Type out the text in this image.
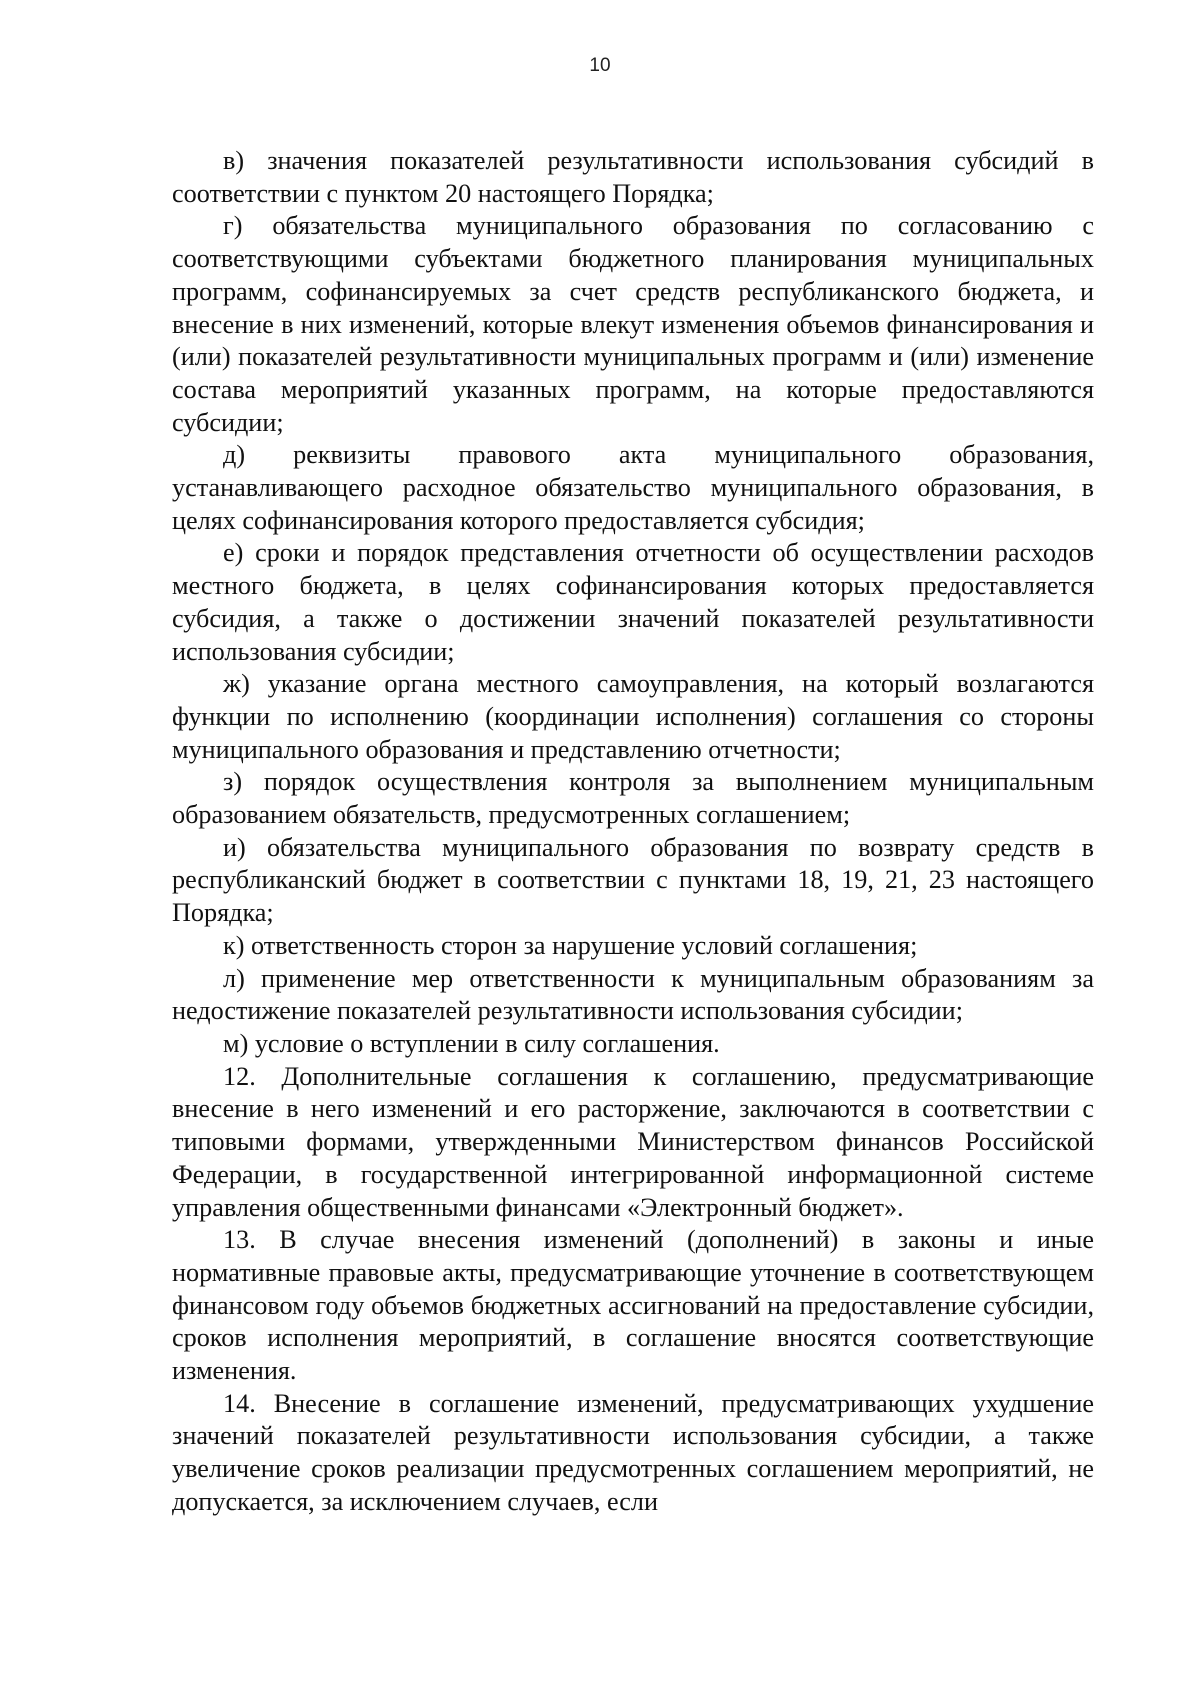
10

в) значения показателей результативности использования субсидий в соответствии с пунктом 20 настоящего Порядка;

г) обязательства муниципального образования по согласованию с соответствующими субъектами бюджетного планирования муниципальных программ, софинансируемых за счет средств республиканского бюджета, и внесение в них изменений, которые влекут изменения объемов финансирования и (или) показателей результативности муниципальных программ и (или) изменение состава мероприятий указанных программ, на которые предоставляются субсидии;

д) реквизиты правового акта муниципального образования, устанавливающего расходное обязательство муниципального образования, в целях софинансирования которого предоставляется субсидия;

е) сроки и порядок представления отчетности об осуществлении расходов местного бюджета, в целях софинансирования которых предоставляется субсидия, а также о достижении значений показателей результативности использования субсидии;

ж) указание органа местного самоуправления, на который возлагаются функции по исполнению (координации исполнения) соглашения со стороны муниципального образования и представлению отчетности;

з) порядок осуществления контроля за выполнением муниципальным образованием обязательств, предусмотренных соглашением;

и) обязательства муниципального образования по возврату средств в республиканский бюджет в соответствии с пунктами 18, 19, 21, 23 настоящего Порядка;

к) ответственность сторон за нарушение условий соглашения;

л) применение мер ответственности к муниципальным образованиям за недостижение показателей результативности использования субсидии;

м) условие о вступлении в силу соглашения.

12. Дополнительные соглашения к соглашению, предусматривающие внесение в него изменений и его расторжение, заключаются в соответствии с типовыми формами, утвержденными Министерством финансов Российской Федерации, в государственной интегрированной информационной системе управления общественными финансами «Электронный бюджет».

13. В случае внесения изменений (дополнений) в законы и иные нормативные правовые акты, предусматривающие уточнение в соответствующем финансовом году объемов бюджетных ассигнований на предоставление субсидии, сроков исполнения мероприятий, в соглашение вносятся соответствующие изменения.

14. Внесение в соглашение изменений, предусматривающих ухудшение значений показателей результативности использования субсидии, а также увеличение сроков реализации предусмотренных соглашением мероприятий, не допускается, за исключением случаев, если
